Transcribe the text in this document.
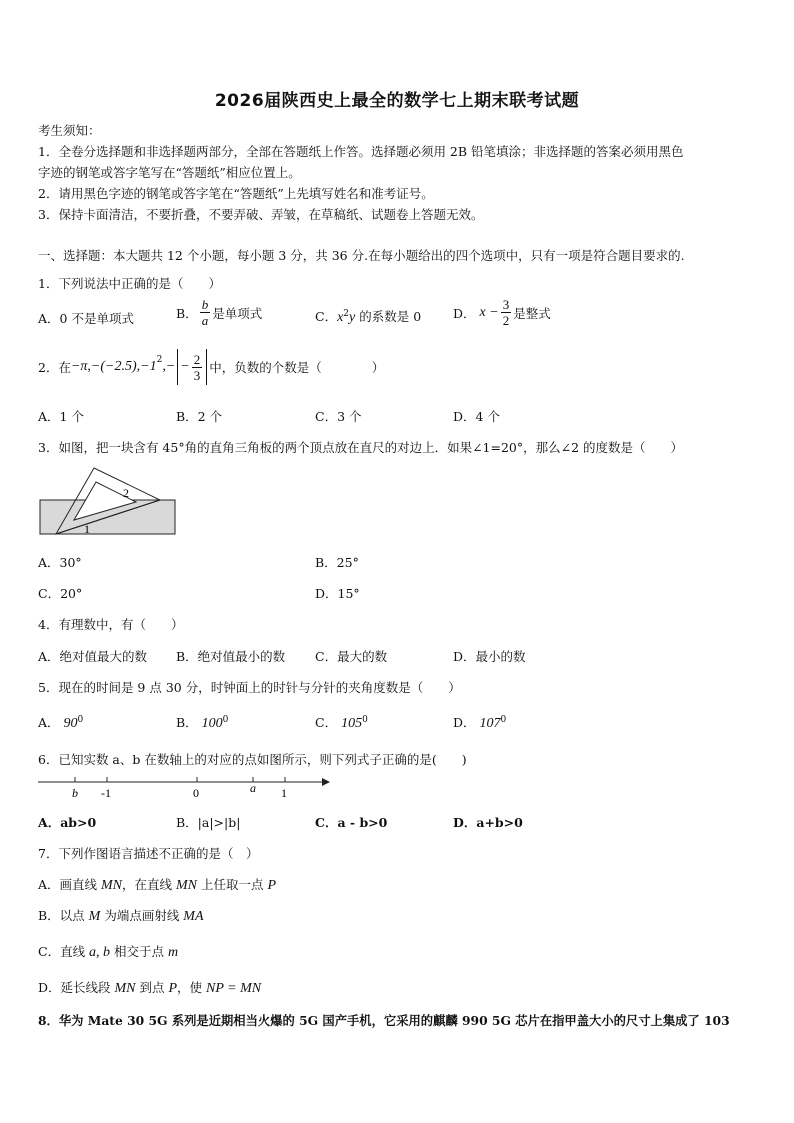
2026届陕西史上最全的数学七上期末联考试题
考生须知：
1．全卷分选择题和非选择题两部分，全部在答题纸上作答。选择题必须用 2B 铅笔填涂；非选择题的答案必须用黑色
字迹的钢笔或答字笔写在“答题纸”相应位置上。
2．请用黑色字迹的钢笔或答字笔在“答题纸”上先填写姓名和准考证号。
3．保持卡面清洁，不要折叠，不要弄破、弄皱，在草稿纸、试题卷上答题无效。
一、选择题：本大题共 12 个小题，每小题 3 分，共 36 分.在每小题给出的四个选项中，只有一项是符合题目要求的.
1．下列说法中正确的是（　　）
A．0 不是单项式	B． $\frac{b}{a}$ 是单项式	C．$x^2y$ 的系数是 0	D． $x - \frac{3}{2}$ 是整式
2．在 $-\pi,-(-2.5),-1^2$ ,− − $\frac{2}{3}$ 中，负数的个数是（　　　　）
A．1 个	B．2 个	C．3 个	D．4 个
3．如图，把一块含有 45°角的直角三角板的两个顶点放在直尺的对边上．如果∠1=20°，那么∠2 的度数是（　　）
2
1
A．30°	B．25°
C．20°	D．15°
4．有理数中，有（　　）
A．绝对值最大的数 B．绝对值最小的数 C．最大的数	D．最小的数
5．现在的时间是 9 点 30 分，时钟面上的时针与分针的夹角度数是（　　）
A． $90^0$	B． $100^0$	C． $105^0$	D． $107^0$
6．已知实数 a、b 在数轴上的对应的点如图所示，则下列式子正确的是(　　)
b -1	0	a 1
A．ab>0	B．|a|>|b|	C．a - b>0	D．a+b>0
7．下列作图语言描述不正确的是（　）
A．画直线 MN，在直线 MN 上任取一点 P
B．以点 M 为端点画射线 MA
C．直线 a, b 相交于点 m
D．延长线段 MN 到点 P，使 NP = MN
8．华为 Mate 30 5G 系列是近期相当火爆的 5G 国产手机，它采用的麒麟 990 5G 芯片在指甲盖大小的尺寸上集成了 103
